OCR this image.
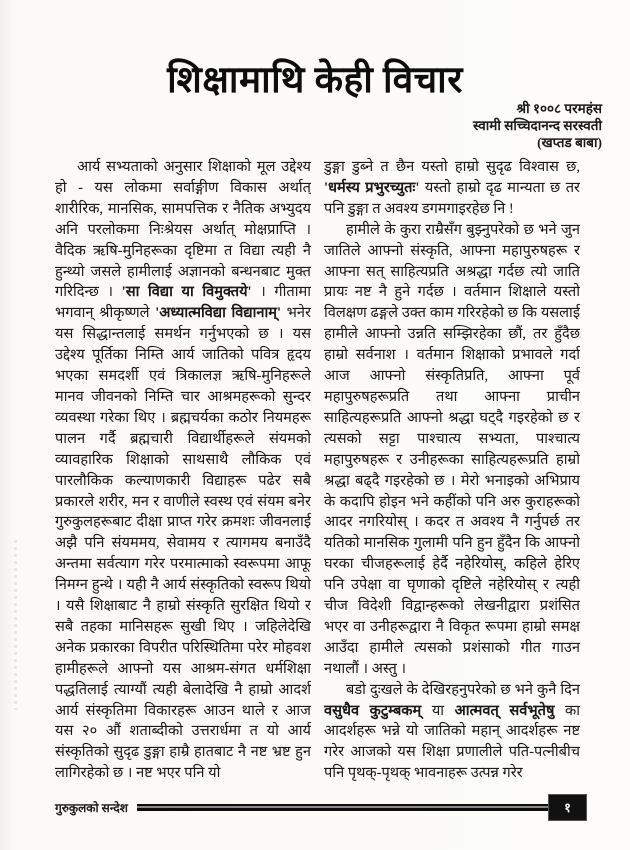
शिक्षामाथि केही विचार
श्री १००८ परमहंस
स्वामी सच्चिदानन्द सरस्वती
(खप्तड बाबा)

आर्य सभ्यताको अनुसार शिक्षाको मूल उद्देश्य हो - यस लोकमा सर्वाङ्गीण विकास अर्थात् शारीरिक, मानसिक, सामपत्तिक र नैतिक अभ्युदय अनि परलोकमा निःश्रेयस अर्थात् मोक्षप्राप्ति । वैदिक ऋषि-मुनिहरूका दृष्टिमा त विद्या त्यही नै हुन्थ्यो जसले हामीलाई अज्ञानको बन्धनबाट मुक्त गरिदिन्छ । 'सा विद्या या विमुक्तये' । गीतामा भगवान् श्रीकृष्णले 'अध्यात्मविद्या विद्यानाम्' भनेर यस सिद्धान्तलाई समर्थन गर्नुभएको छ । यस उद्देश्य पूर्तिका निम्ति आर्य जातिको पवित्र हृदय भएका समदर्शी एवं त्रिकालज्ञ ऋषि-मुनिहरूले मानव जीवनको निम्ति चार आश्रमहरूको सुन्दर व्यवस्था गरेका थिए । ब्रह्मचर्यका कठोर नियमहरू पालन गर्दै ब्रह्मचारी विद्यार्थीहरूले संयमको व्यावहारिक शिक्षाको साथसाथै लौकिक एवं पारलौकिक कल्याणकारी विद्याहरू पढेर सबै प्रकारले शरीर, मन र वाणीले स्वस्थ एवं संयम बनेर गुरुकुलहरूबाट दीक्षा प्राप्त गरेर क्रमशः जीवनलाई अझै पनि संयममय, सेवामय र त्यागमय बनाउँदै अन्तमा सर्वत्याग गरेर परमात्माको स्वरूपमा आफू निमग्न हुन्थे । यही नै आर्य संस्कृतिको स्वरूप थियो । यसै शिक्षाबाट नै हाम्रो संस्कृति सुरक्षित थियो र सबै तहका मानिसहरू सुखी थिए । जहिलेदेखि अनेक प्रकारका विपरीत परिस्थितिमा परेर मोहवश हामीहरूले आफ्नो यस आश्रम-संगत धर्मशिक्षा पद्धतिलाई त्याग्यौं त्यही बेलादेखि नै हाम्रो आदर्श आर्य संस्कृतिमा विकारहरू आउन थाले र आज यस २० औं शताब्दीको उत्तरार्धमा त यो आर्य संस्कृतिको सुदृढ डुङ्गा हाम्रै हातबाट नै नष्ट भ्रष्ट हुन लागिरहेको छ । नष्ट भएर पनि यो

डुङ्गा डुब्ने त छैन यस्तो हाम्रो सुदृढ विश्वास छ, 'धर्मस्य प्रभुरच्युतः' यस्तो हाम्रो दृढ मान्यता छ तर पनि डुङ्गा त अवश्य डगमगाइरहेछ नि !

हामीले के कुरा राम्रैसँग बुझ्नुपरेको छ भने जुन जातिले आफ्नो संस्कृति, आफ्ना महापुरुषहरू र आफ्ना सत् साहित्यप्रति अश्रद्धा गर्दछ त्यो जाति प्रायः नष्ट नै हुने गर्दछ । वर्तमान शिक्षाले यस्तो विलक्षण ढङ्गले उक्त काम गरिरहेको छ कि यसलाई हामीले आफ्नो उन्नति सम्झिरहेका छौं, तर हुँदैछ हाम्रो सर्वनाश । वर्तमान शिक्षाको प्रभावले गर्दा आज आफ्नो संस्कृतिप्रति, आफ्ना पूर्व महापुरुषहरूप्रति तथा आफ्ना प्राचीन साहित्यहरूप्रति आफ्नो श्रद्धा घट्दै गइरहेको छ र त्यसको सट्टा पाश्चात्य सभ्यता, पाश्चात्य महापुरुषहरू र उनीहरूका साहित्यहरूप्रति हाम्रो श्रद्धा बढ्दै गइरहेको छ । मेरो भनाइको अभिप्राय के कदापि होइन भने कहींको पनि अरु कुराहरूको आदर नगरियोस् । कदर त अवश्य नै गर्नुपर्छ तर यतिको मानसिक गुलामी पनि हुन हुँदैन कि आफ्नो घरका चीजहरूलाई हेर्दै नहेरियोस्, कहिले हेरिए पनि उपेक्षा वा घृणाको दृष्टिले नहेरियोस् र त्यही चीज विदेशी विद्वान्हरूको लेखनीद्वारा प्रशंसित भएर वा उनीहरूद्वारा नै विकृत रूपमा हाम्रो समक्ष आउँदा हामीले त्यसको प्रशंसाको गीत गाउन नथालौं । अस्तु ।

बडो दुःखले के देखिरहनुपरेको छ भने कुनै दिन वसुधैव कुटुम्बकम् या आत्मवत् सर्वभूतेषु का आदर्शहरू भन्ने यो जातिको महान् आदर्शहरू नष्ट गरेर आजको यस शिक्षा प्रणालीले पति-पत्नीबीच पनि पृथक्-पृथक् भावनाहरू उत्पन्न गरेर

गुरुकुलको सन्देश	१
